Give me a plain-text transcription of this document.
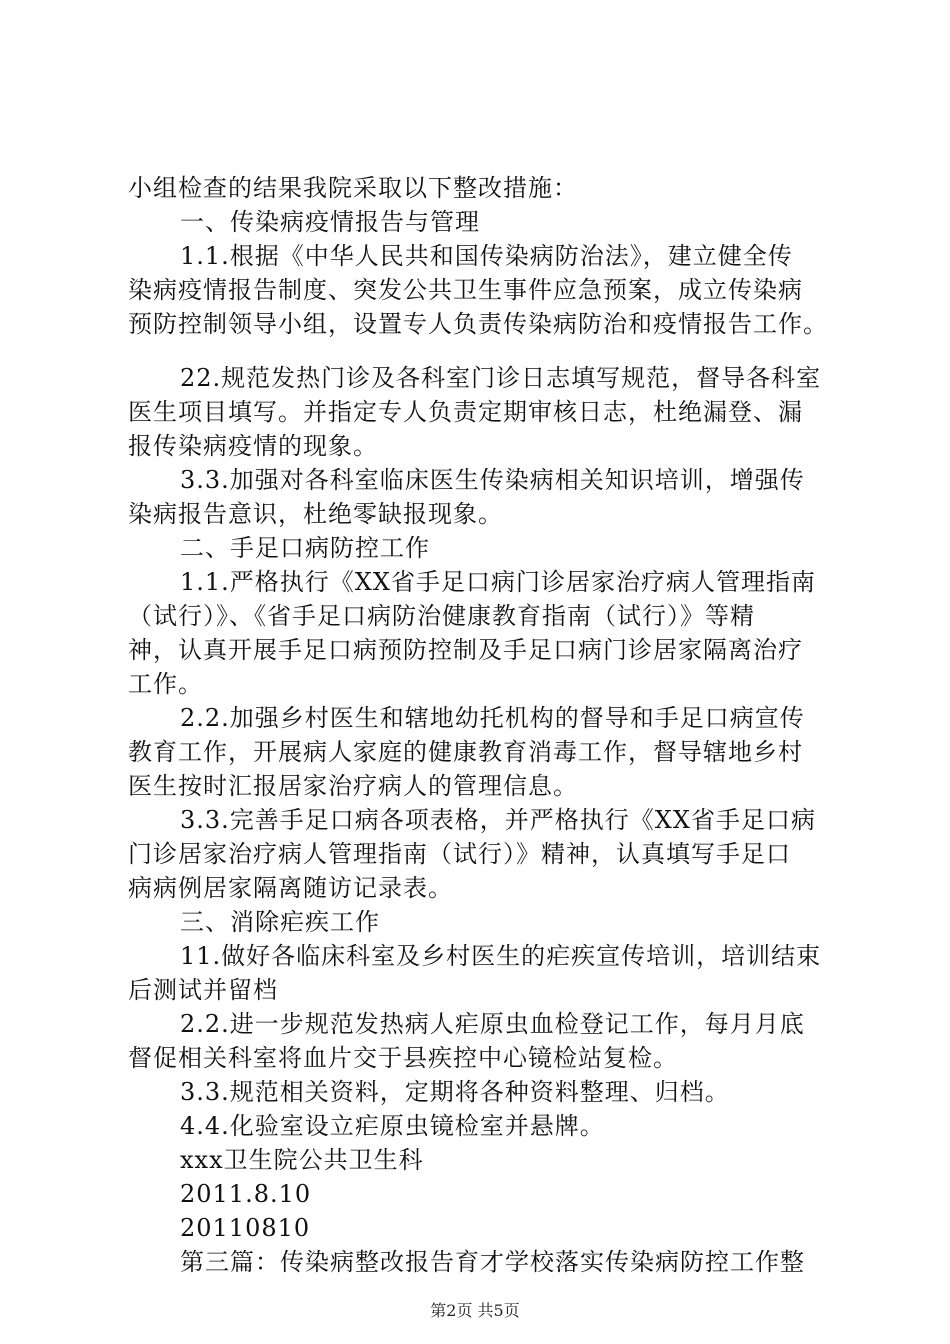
小组检查的结果我院采取以下整改措施：
一、传染病疫情报告与管理
1.1.根据《中华人民共和国传染病防治法》，建立健全传
染病疫情报告制度、突发公共卫生事件应急预案，成立传染病
预防控制领导小组，设置专人负责传染病防治和疫情报告工作。
22.规范发热门诊及各科室门诊日志填写规范，督导各科室
医生项目填写。并指定专人负责定期审核日志，杜绝漏登、漏
报传染病疫情的现象。
3.3.加强对各科室临床医生传染病相关知识培训，增强传
染病报告意识，杜绝零缺报现象。
二、手足口病防控工作
1.1.严格执行《XX省手足口病门诊居家治疗病人管理指南
（试行）》、《省手足口病防治健康教育指南（试行）》等精
神，认真开展手足口病预防控制及手足口病门诊居家隔离治疗
工作。
2.2.加强乡村医生和辖地幼托机构的督导和手足口病宣传
教育工作，开展病人家庭的健康教育消毒工作，督导辖地乡村
医生按时汇报居家治疗病人的管理信息。
3.3.完善手足口病各项表格，并严格执行《XX省手足口病
门诊居家治疗病人管理指南（试行）》精神，认真填写手足口
病病例居家隔离随访记录表。
三、消除疟疾工作
11.做好各临床科室及乡村医生的疟疾宣传培训，培训结束
后测试并留档
2.2.进一步规范发热病人疟原虫血检登记工作，每月月底
督促相关科室将血片交于县疾控中心镜检站复检。
3.3.规范相关资料，定期将各种资料整理、归档。
4.4.化验室设立疟原虫镜检室并悬牌。
xxx卫生院公共卫生科
2011.8.10
20110810
第三篇：传染病整改报告育才学校落实传染病防控工作整
第2页 共5页
